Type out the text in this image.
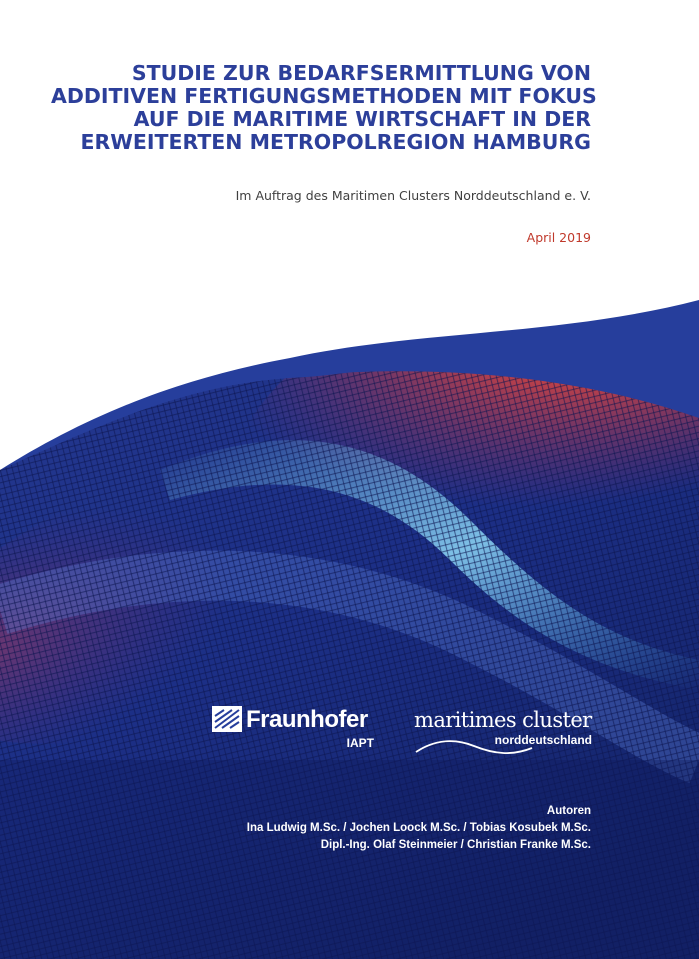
STUDIE ZUR BEDARFSERMITTLUNG VON
ADDITIVEN FERTIGUNGSMETHODEN MIT FOKUS
AUF DIE MARITIME WIRTSCHAFT IN DER
ERWEITERTEN METROPOLREGION HAMBURG
Im Auftrag des Maritimen Clusters Norddeutschland e. V.
April 2019
Fraunhofer
IAPT
maritimes cluster
norddeutschland
Autoren
Ina Ludwig M.Sc. / Jochen Loock M.Sc. / Tobias Kosubek M.Sc.
Dipl.-Ing. Olaf Steinmeier / Christian Franke M.Sc.
